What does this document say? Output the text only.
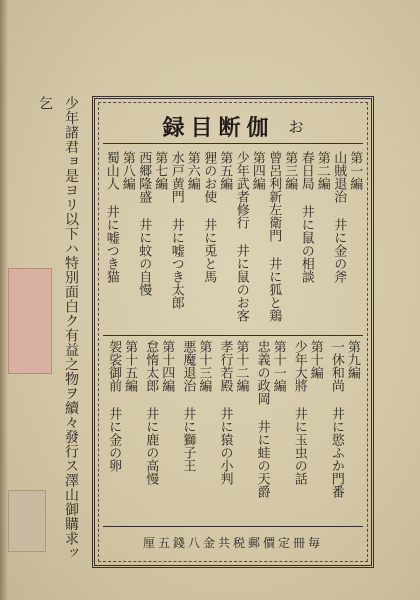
少年諸君ョ是ヨリ以下ハ特別面白ク有益之物ヲ續々發行ス澤山御購求ッ乞
お
伽断目録
第一編
山賊退治 井に金の斧
第二編
春日局 井に鼠の相談
第三編
曾呂利新左衛門 井に狐と鶏
第四編
少年武者修行 井に鼠のお客
第五編
狸のお使 井に兎と馬
第六編
水戸黄門 井に嘘つき太郎
第七編
西郷隆盛 井に蚊の自慢
第八編
蜀山人 井に嘘つき猫
第九編
一休和尚 井に慾ふか門番
第十編
少年大將 井に玉虫の話
第十一編
忠義の政岡 井に蛙の天爵
第十二編
孝行若殿 井に猿の小判
第十三編
悪魔退治 井に獅子王
第十四編
怠惰太郎 井に鹿の高慢
第十五編
袈裟御前 井に金の卵
毎冊定價郵税共金八錢五厘
